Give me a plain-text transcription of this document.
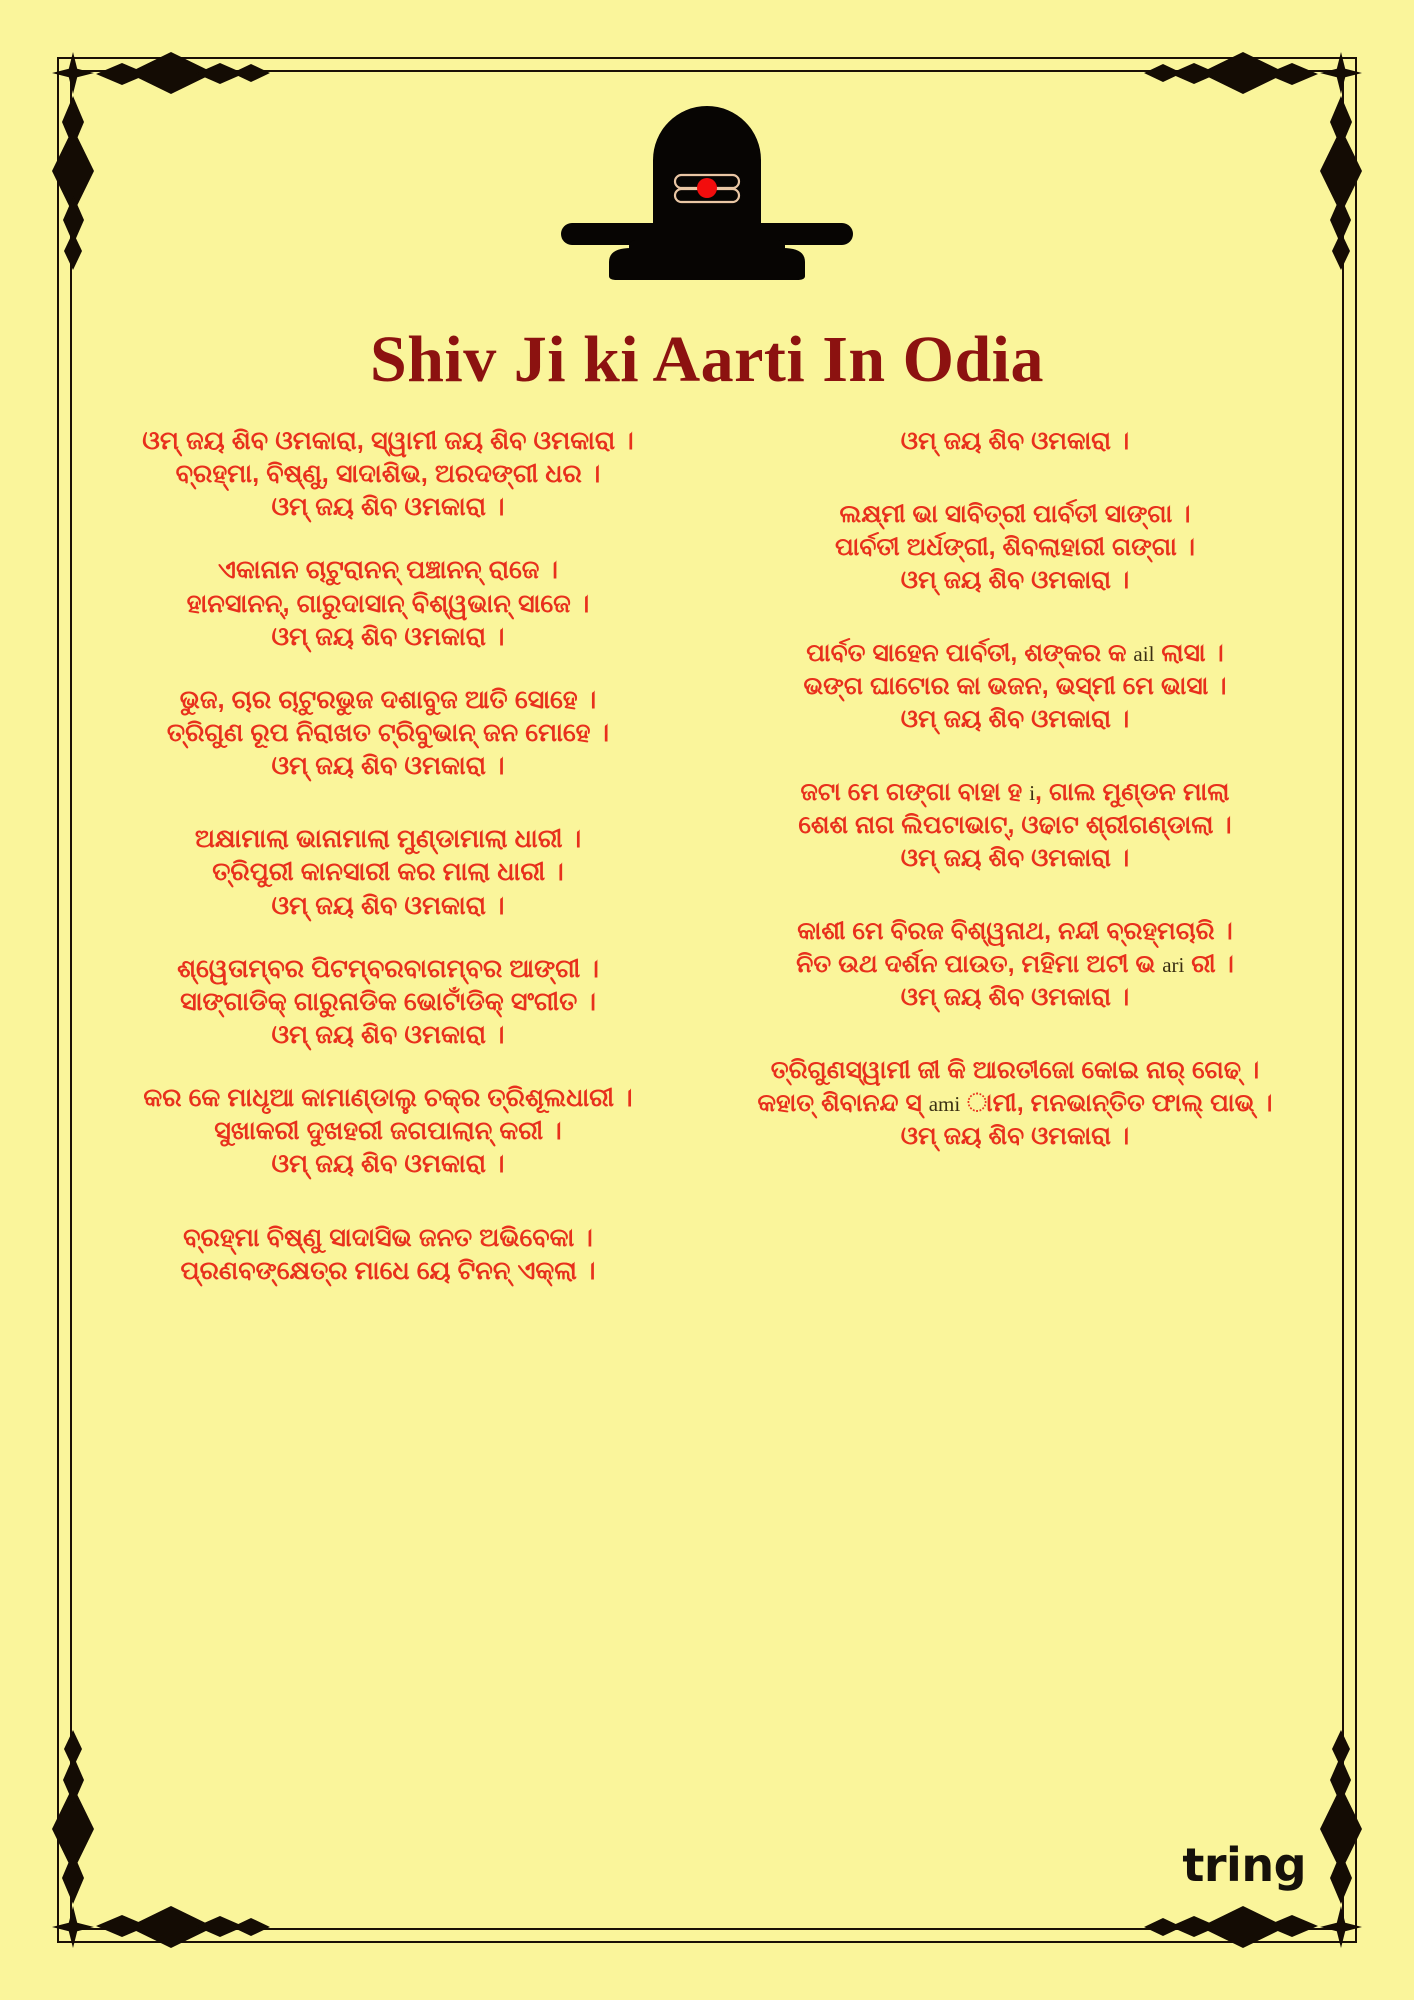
Shiv Ji ki Aarti In Odia
ଓମ୍ ଜୟ ଶିବ ଓମକାରା, ସ୍ୱାମୀ ଜୟ ଶିବ ଓମକାରା ।
ବ୍ରହ୍ମା, ବିଷ୍ଣୁ, ସାଦାଶିଭ, ଅରଦଙ୍ଗୀ ଧର ।
ଓମ୍ ଜୟ ଶିବ ଓମକାରା ।
ଏକାନାନ ଚାଟୁରାନନ୍ ପଞ୍ଚାନନ୍ ରାଜେ ।
ହାନସାନନ୍, ଗାରୁଦାସାନ୍ ବିଶ୍ୱଭାନ୍ ସାଜେ ।
ଓମ୍ ଜୟ ଶିବ ଓମକାରା ।
ଭୁଜ, ଚାର ଚାଟୁରଭୁଜ ଦଶାବୁଜ ଆତି ସୋହେ ।
ତ୍ରିଗୁଣ ରୂପ ନିରାଖତ ଟ୍ରିବୁଭାନ୍ ଜନ ମୋହେ ।
ଓମ୍ ଜୟ ଶିବ ଓମକାରା ।
ଅକ୍ଷାମାଲା ଭାନାମାଲା ମୁଣ୍ଡାମାଲା ଧାରୀ ।
ତ୍ରିପୁରୀ କାନସାରୀ କର ମାଲା ଧାରୀ ।
ଓମ୍ ଜୟ ଶିବ ଓମକାରା ।
ଶ୍ୱେତାମ୍ବର ପିଟମ୍ବରବାଗମ୍ବର ଆଙ୍ଗୀ ।
ସାଙ୍ଗାଡିକ୍ ଗାରୁନାଡିକ ଭୋଟାଁଡିକ୍ ସଂଗୀତ ।
ଓମ୍ ଜୟ ଶିବ ଓମକାରା ।
କର କେ ମାଧୃଆ କାମାଣ୍ଡାଲୁ ଚକ୍ର ତ୍ରିଶୂଲଧାରୀ ।
ସୁଖାକରୀ ଦୁଖହରୀ ଜଗପାଲାନ୍ କରୀ ।
ଓମ୍ ଜୟ ଶିବ ଓମକାରା ।
ବ୍ରହ୍ମା ବିଷ୍ଣୁ ସାଦାସିଭ ଜନତ ଅଭିବେକା ।
ପ୍ରଣବଙ୍କ୍ଷେତ୍ର ମାଧେ ୟେ ଟିନନ୍ ଏକ୍ଲା ।
ଓମ୍ ଜୟ ଶିବ ଓମକାରା ।
ଲକ୍ଷ୍ମୀ ଭା ସାବିତ୍ରୀ ପାର୍ବତୀ ସାଙ୍ଗା ।
ପାର୍ବତୀ ଅର୍ଧଙ୍ଗୀ, ଶିବଲାହାରୀ ଗଙ୍ଗା ।
ଓମ୍ ଜୟ ଶିବ ଓମକାରା ।
ପାର୍ବତ ସାହେନ ପାର୍ବତୀ, ଶଙ୍କର କ ail ଲାସା ।
ଭଙ୍ଗ ଘାଟୋର କା ଭଜନ, ଭସ୍ମୀ ମେ ଭାସା ।
ଓମ୍ ଜୟ ଶିବ ଓମକାରା ।
ଜଟା ମେ ଗଙ୍ଗା ବାହା ହ i, ଗାଲ ମୁଣ୍ଡନ ମାଲା
ଶେଶ ନାଗ ଲିପଟାଭାଟ୍, ଓଢାଟ ଶ୍ରୀଗଣ୍ଡାଲା ।
ଓମ୍ ଜୟ ଶିବ ଓମକାରା ।
କାଶୀ ମେ ବିରଜ ବିଶ୍ୱନାଥ, ନନ୍ଦୀ ବ୍ରହ୍ମଚାରି ।
ନିତ ଉଥ ଦର୍ଶନ ପାଉତ, ମହିମା ଅଟୀ ଭ ari ରୀ ।
ଓମ୍ ଜୟ ଶିବ ଓମକାରା ।
ତ୍ରିଗୁଣସ୍ୱାମୀ ଜୀ କି ଆରତୀଜୋ କୋଇ ନାର୍ ଗେଢ୍ ।
କହାତ୍ ଶିବାନନ୍ଦ ସ୍ ami ାମୀ, ମନଭାନ୍ତିତ ଫାଲ୍ ପାଭ୍ ।
ଓମ୍ ଜୟ ଶିବ ଓମକାରା ।
tring
